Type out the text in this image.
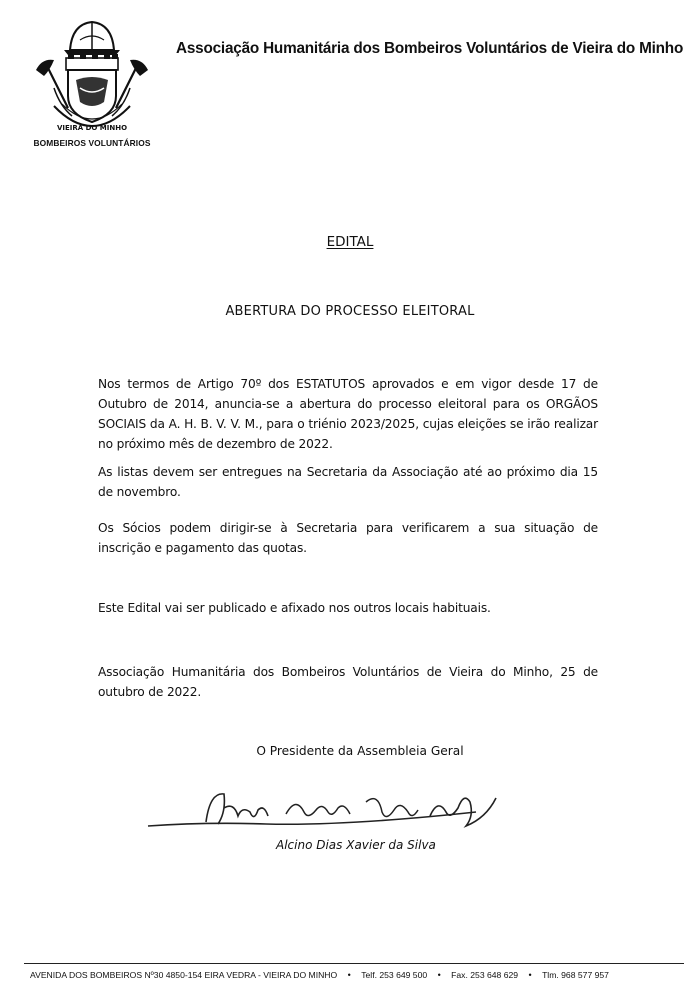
VIEIRA DO MINHO
BOMBEIROS VOLUNTÁRIOS
Associação Humanitária dos Bombeiros Voluntários de Vieira do Minho
EDITAL
ABERTURA DO PROCESSO ELEITORAL
Nos termos de Artigo 70º dos ESTATUTOS aprovados e em vigor desde 17 de Outubro de 2014, anuncia-se a abertura do processo eleitoral para os ORGÃOS SOCIAIS da A. H. B. V. V. M., para o triénio 2023/2025, cujas eleições se irão realizar no próximo mês de dezembro de 2022.
As listas devem ser entregues na Secretaria da Associação até ao próximo dia 15 de novembro.
Os Sócios podem dirigir-se à Secretaria para verificarem a sua situação de inscrição e pagamento das quotas.
Este Edital vai ser publicado e afixado nos outros locais habituais.
Associação Humanitária dos Bombeiros Voluntários de Vieira do Minho, 25 de outubro de 2022.
O Presidente da Assembleia Geral
Alcino Dias Xavier da Silva
AVENIDA DOS BOMBEIROS Nº30 4850-154 EIRA VEDRA - VIEIRA DO MINHO	•	Telf. 253 649 500	•	Fax. 253 648 629	•	Tlm. 968 577 957
